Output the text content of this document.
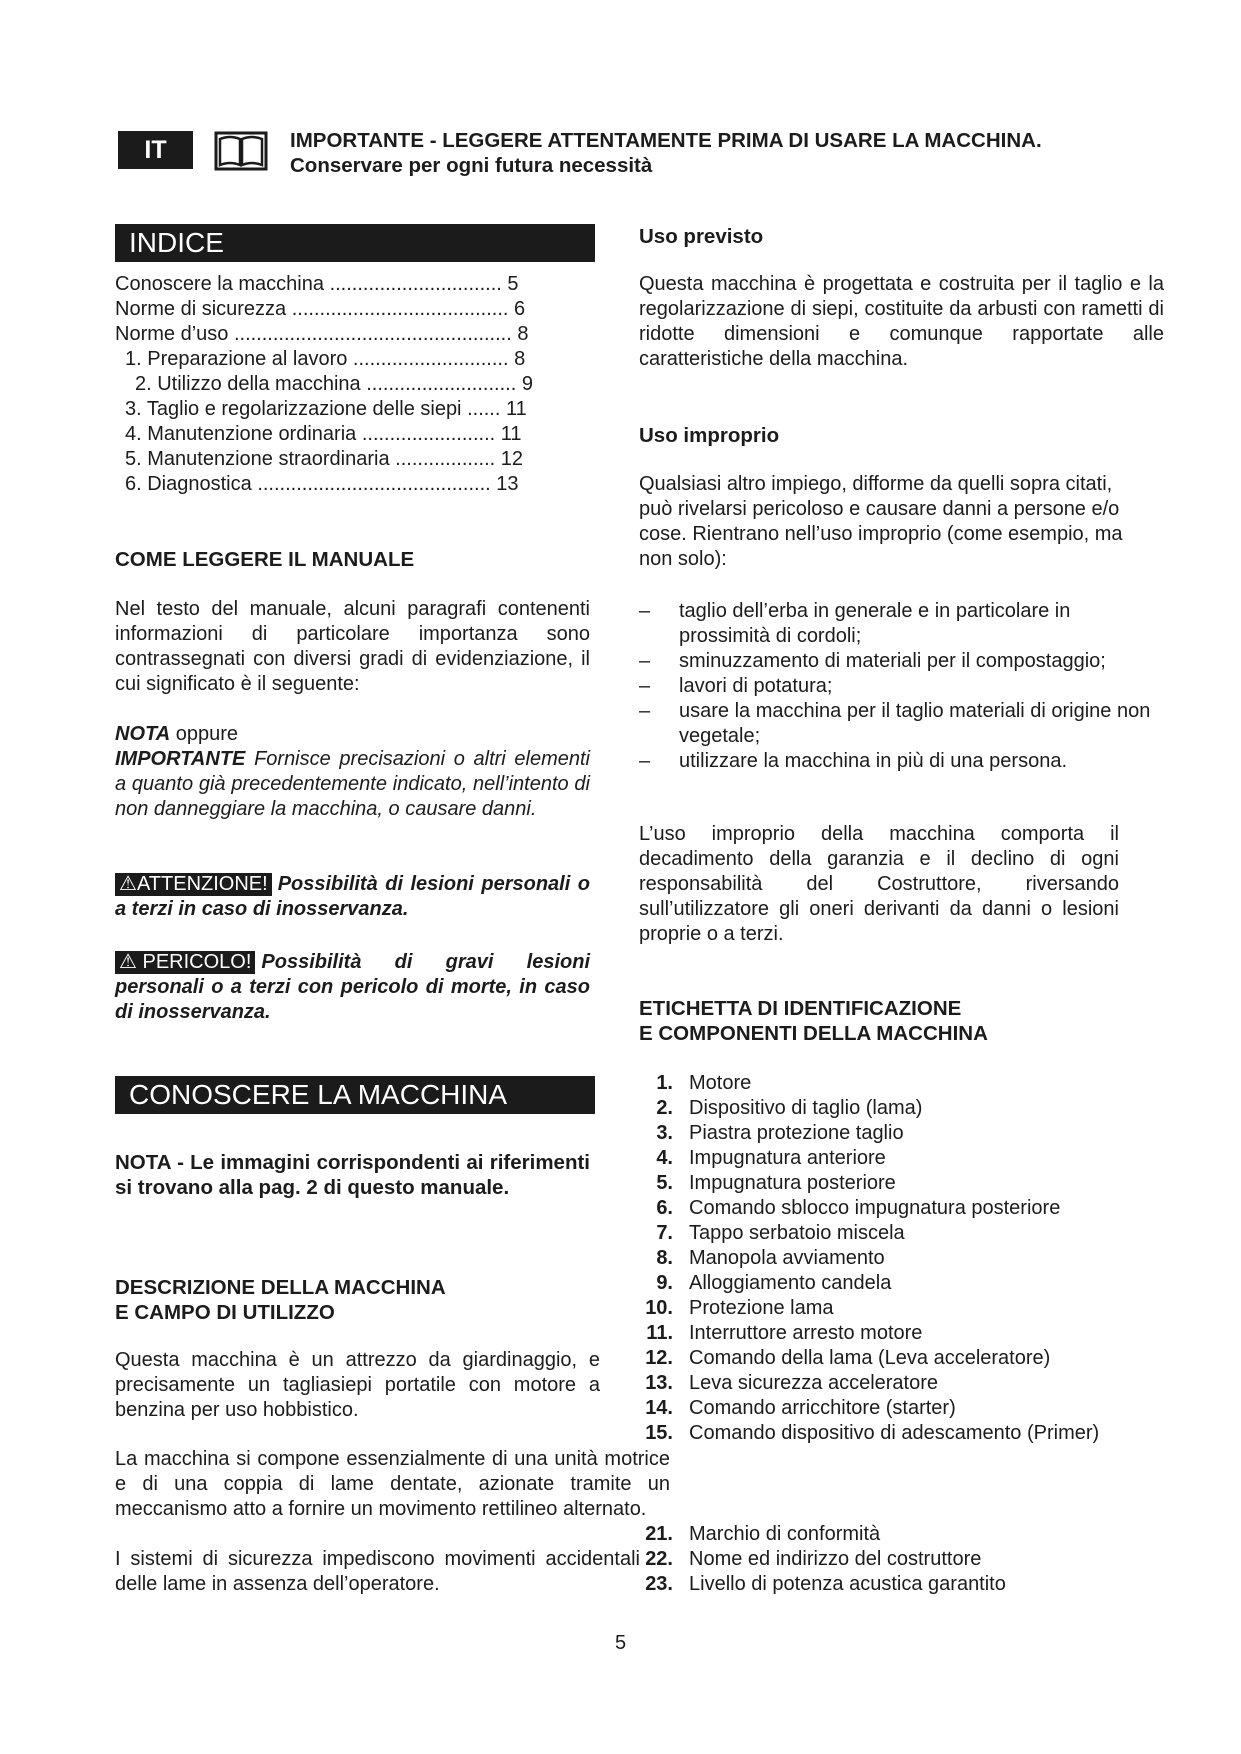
IT	IMPORTANTE - LEGGERE ATTENTAMENTE PRIMA DI USARE LA MACCHINA.
Conservare per ogni futura necessità
INDICE
Conoscere la macchina ............................... 5
Norme di sicurezza ....................................... 6
Norme d’uso .................................................. 8
1. Preparazione al lavoro ............................ 8
2. Utilizzo della macchina ........................... 9
3. Taglio e regolarizzazione delle siepi ...... 11
4. Manutenzione ordinaria ........................ 11
5. Manutenzione straordinaria .................. 12
6. Diagnostica .......................................... 13
COME LEGGERE IL MANUALE
Nel testo del manuale, alcuni paragrafi contenenti informazioni di particolare importanza sono contrassegnati con diversi gradi di evidenziazione, il cui significato è il seguente:
NOTA oppure
IMPORTANTE Fornisce precisazioni o altri elementi a quanto già precedentemente indicato, nell’intento di non danneggiare la macchina, o causare danni.
⚠ATTENZIONE! Possibilità di lesioni personali o a terzi in caso di inosservanza.
⚠ PERICOLO! Possibilità di gravi lesioni personali o a terzi con pericolo di morte, in caso di inosservanza.
CONOSCERE LA MACCHINA
NOTA - Le immagini corrispondenti ai riferimenti si trovano alla pag. 2 di questo manuale.
DESCRIZIONE DELLA MACCHINA
E CAMPO DI UTILIZZO
Questa macchina è un attrezzo da giardinaggio, e precisamente un tagliasiepi portatile con motore a benzina per uso hobbistico.
La macchina si compone essenzialmente di una unità motrice e di una coppia di lame dentate, azionate tramite un meccanismo atto a fornire un movimento rettilineo alternato.
I sistemi di sicurezza impediscono movimenti accidentali delle lame in assenza dell’operatore.
Uso previsto
Questa macchina è progettata e costruita per il taglio e la regolarizzazione di siepi, costituite da arbusti con rametti di ridotte dimensioni e comunque rapportate alle caratteristiche della macchina.
Uso improprio
Qualsiasi altro impiego, difforme da quelli sopra citati, può rivelarsi pericoloso e causare danni a persone e/o cose. Rientrano nell’uso improprio (come esempio, ma non solo):
– taglio dell’erba in generale e in particolare in prossimità di cordoli;
– sminuzzamento di materiali per il compostaggio;
– lavori di potatura;
– usare la macchina per il taglio materiali di origine non vegetale;
– utilizzare la macchina in più di una persona.
L’uso improprio della macchina comporta il decadimento della garanzia e il declino di ogni responsabilità del Costruttore, riversando sull’utilizzatore gli oneri derivanti da danni o lesioni proprie o a terzi.
ETICHETTA DI IDENTIFICAZIONE
E COMPONENTI DELLA MACCHINA
1. Motore
2. Dispositivo di taglio (lama)
3. Piastra protezione taglio
4. Impugnatura anteriore
5. Impugnatura posteriore
6. Comando sblocco impugnatura posteriore
7. Tappo serbatoio miscela
8. Manopola avviamento
9. Alloggiamento candela
10. Protezione lama
11. Interruttore arresto motore
12. Comando della lama (Leva acceleratore)
13. Leva sicurezza acceleratore
14. Comando arricchitore (starter)
15. Comando dispositivo di adescamento (Primer)
21. Marchio di conformità
22. Nome ed indirizzo del costruttore
23. Livello di potenza acustica garantito
5
